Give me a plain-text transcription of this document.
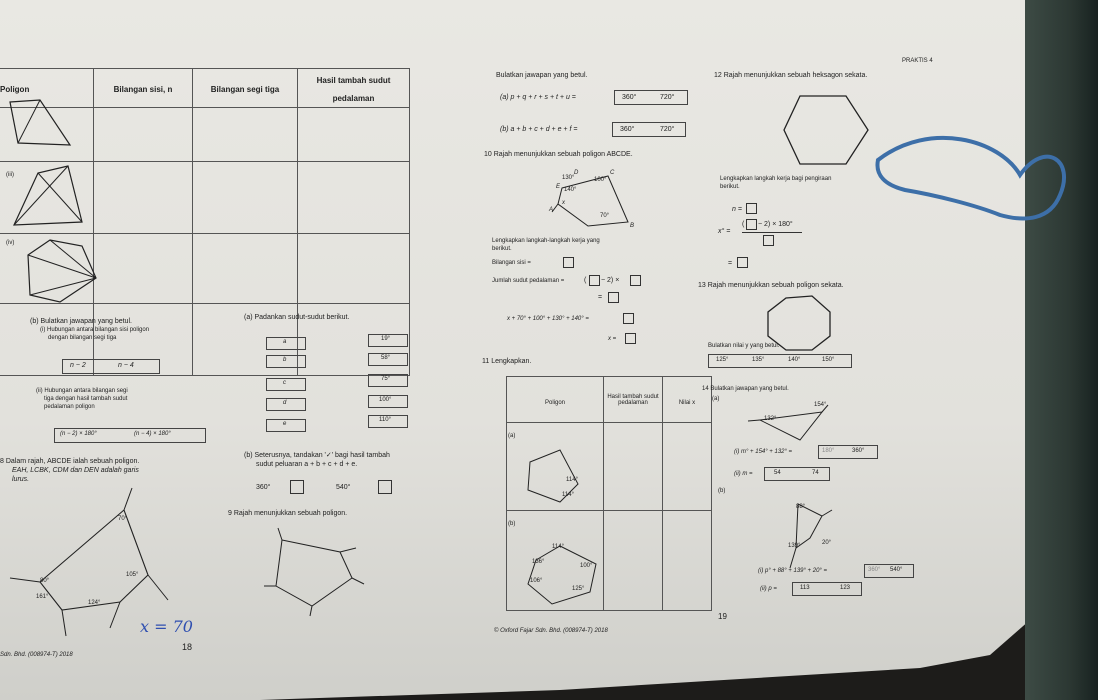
Poligon	Bilangan sisi, n	Bilangan segi tiga	Hasil tambah sudut pedalaman

(iii)
(iv)
(b) Bulatkan jawapan yang betul.
(i) Hubungan antara bilangan sisi poligon
dengan bilangan segi tiga
n − 2	n − 4
(ii) Hubungan antara bilangan segi
tiga dengan hasil tambah sudut
pedalaman poligon
(n − 2) × 180°	(n − 4) × 180°
(a) Padankan sudut-sudut berikut.
a
b
c
d
e
19°
58°
75°
100°
110°
8 Dalam rajah, ABCDE ialah sebuah poligon.
EAH, LCBK, CDM dan DEN adalah garis
lurus.
(b) Seterusnya, tandakan '✓' bagi hasil tambah
sudut peluaran a + b + c + d + e.
360°	540°
70°
80°
105°
124°
161°
x = 70
18
Sdn. Bhd. (008974-T) 2018
9 Rajah menunjukkan sebuah poligon.
Bulatkan jawapan yang betul.
(a) p + q + r + s + t + u =	360°	720°
(b) a + b + c + d + e + f =	360°	720°
10 Rajah menunjukkan sebuah poligon ABCDE.
130°	100°
140°
70°
D	C
E
A
B
x
Lengkapkan langkah-langkah kerja yang
berikut.
Bilangan sisi =
Jumlah sudut pedalaman =	( − 2) ×
=
x + 70° + 100° + 130° + 140° =
x =
11 Lengkapkan.
Poligon	Hasil tambah sudut pedalaman	Nilai x
(a)		
(b)		
114°
114°
114°
136°
100°
106°
125°
© Oxford Fajar Sdn. Bhd. (008974-T) 2018
PRAKTIS 4
12 Rajah menunjukkan sebuah heksagon sekata.
Lengkapkan langkah kerja bagi pengiraan
berikut.
n =
x° =
( − 2) × 180°
=
13 Rajah menunjukkan sebuah poligon sekata.
Bulatkan nilai y yang betul.
125°	135°	140°	150°
14 Bulatkan jawapan yang betul.
(a)
154°
132°
(i) m° + 154° + 132° =	180°	360°
(ii) m =	54	74
(b)
88°
139°	20°
(i) p° + 88° + 139° + 20° =	360° 540°
(ii) p =	113	123
19
